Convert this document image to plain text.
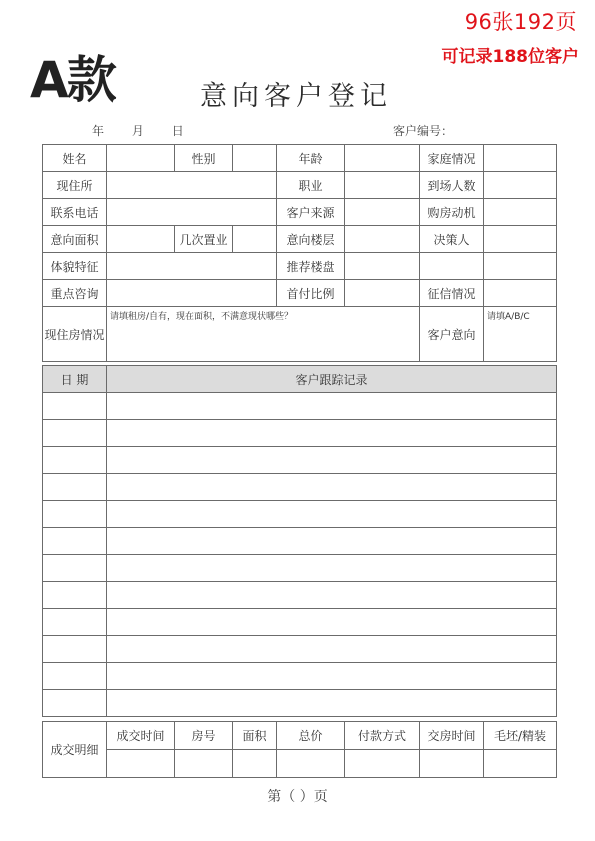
96张192页
可记录188位客户
A款	意向客户登记
年 月 日	客户编号：
姓名		性别		年龄		家庭情况	
现住所				职业		到场人数	
联系电话				客户来源		购房动机	
意向面积		几次置业		意向楼层		决策人	
体貌特征				推荐楼盘			
重点咨询				首付比例		征信情况	
现住房情况	请填租房/自有，现在面积，不满意现状哪些？					客户意向	请填A/B/C
日 期	客户跟踪记录

成交明细	成交时间	房号	面积	总价	付款方式	交房时间	毛坯/精装

第（ ）页
